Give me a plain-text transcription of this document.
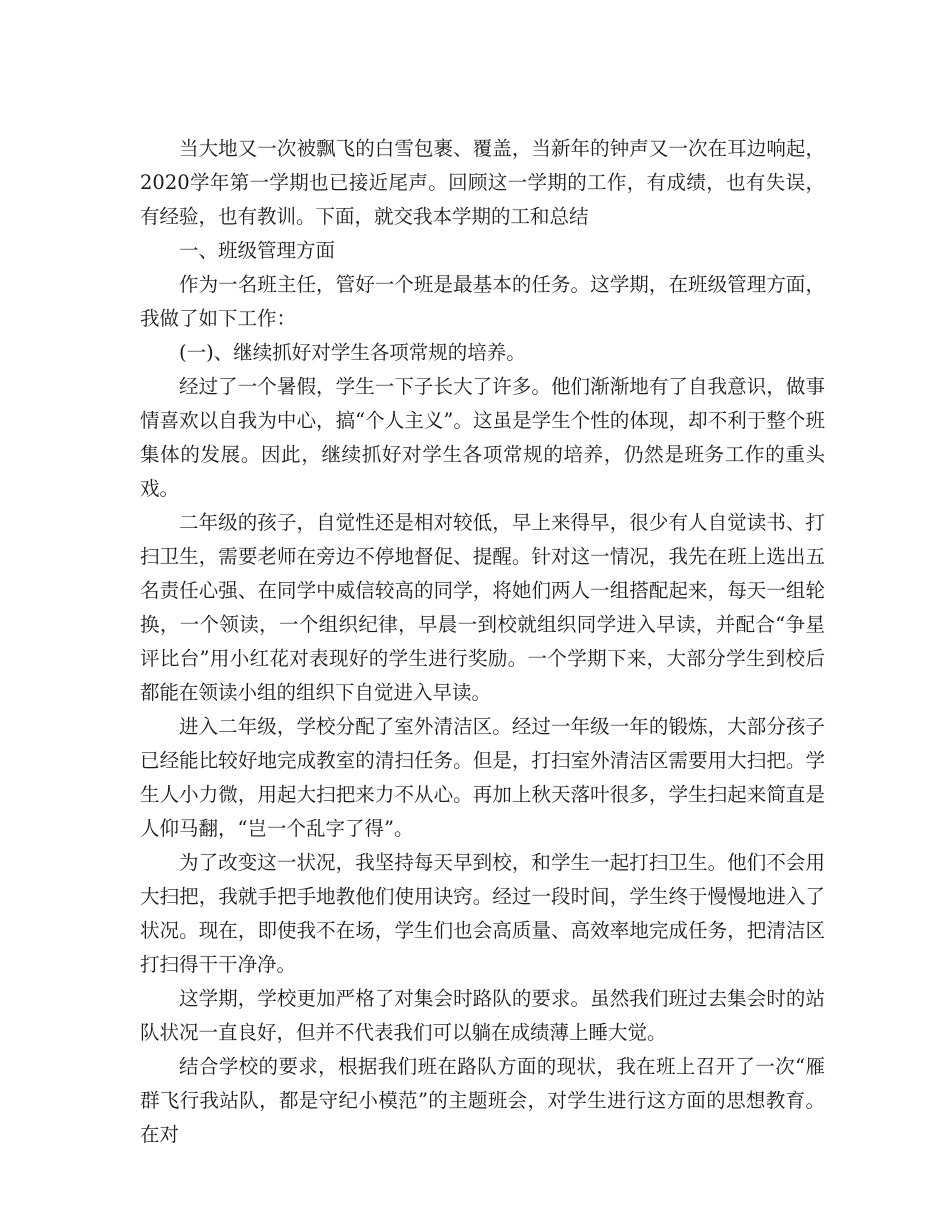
当大地又一次被飘飞的白雪包裹、覆盖，当新年的钟声又一次在耳边响起，2020学年第一学期也已接近尾声。回顾这一学期的工作，有成绩，也有失误，有经验，也有教训。下面，就交我本学期的工和总结

一、班级管理方面

作为一名班主任，管好一个班是最基本的任务。这学期，在班级管理方面，我做了如下工作：

(一)、继续抓好对学生各项常规的培养。

经过了一个暑假，学生一下子长大了许多。他们渐渐地有了自我意识，做事情喜欢以自我为中心，搞“个人主义”。这虽是学生个性的体现，却不利于整个班集体的发展。因此，继续抓好对学生各项常规的培养，仍然是班务工作的重头戏。

二年级的孩子，自觉性还是相对较低，早上来得早，很少有人自觉读书、打扫卫生，需要老师在旁边不停地督促、提醒。针对这一情况，我先在班上选出五名责任心强、在同学中威信较高的同学，将她们两人一组搭配起来，每天一组轮换，一个领读，一个组织纪律，早晨一到校就组织同学进入早读，并配合“争星评比台”用小红花对表现好的学生进行奖励。一个学期下来，大部分学生到校后都能在领读小组的组织下自觉进入早读。

进入二年级，学校分配了室外清洁区。经过一年级一年的锻炼，大部分孩子已经能比较好地完成教室的清扫任务。但是，打扫室外清洁区需要用大扫把。学生人小力微，用起大扫把来力不从心。再加上秋天落叶很多，学生扫起来简直是人仰马翻，“岂一个乱字了得”。

为了改变这一状况，我坚持每天早到校，和学生一起打扫卫生。他们不会用大扫把，我就手把手地教他们使用诀窍。经过一段时间，学生终于慢慢地进入了状况。现在，即使我不在场，学生们也会高质量、高效率地完成任务，把清洁区打扫得干干净净。

这学期，学校更加严格了对集会时路队的要求。虽然我们班过去集会时的站队状况一直良好，但并不代表我们可以躺在成绩薄上睡大觉。

结合学校的要求，根据我们班在路队方面的现状，我在班上召开了一次“雁群飞行我站队，都是守纪小模范”的主题班会，对学生进行这方面的思想教育。在对
